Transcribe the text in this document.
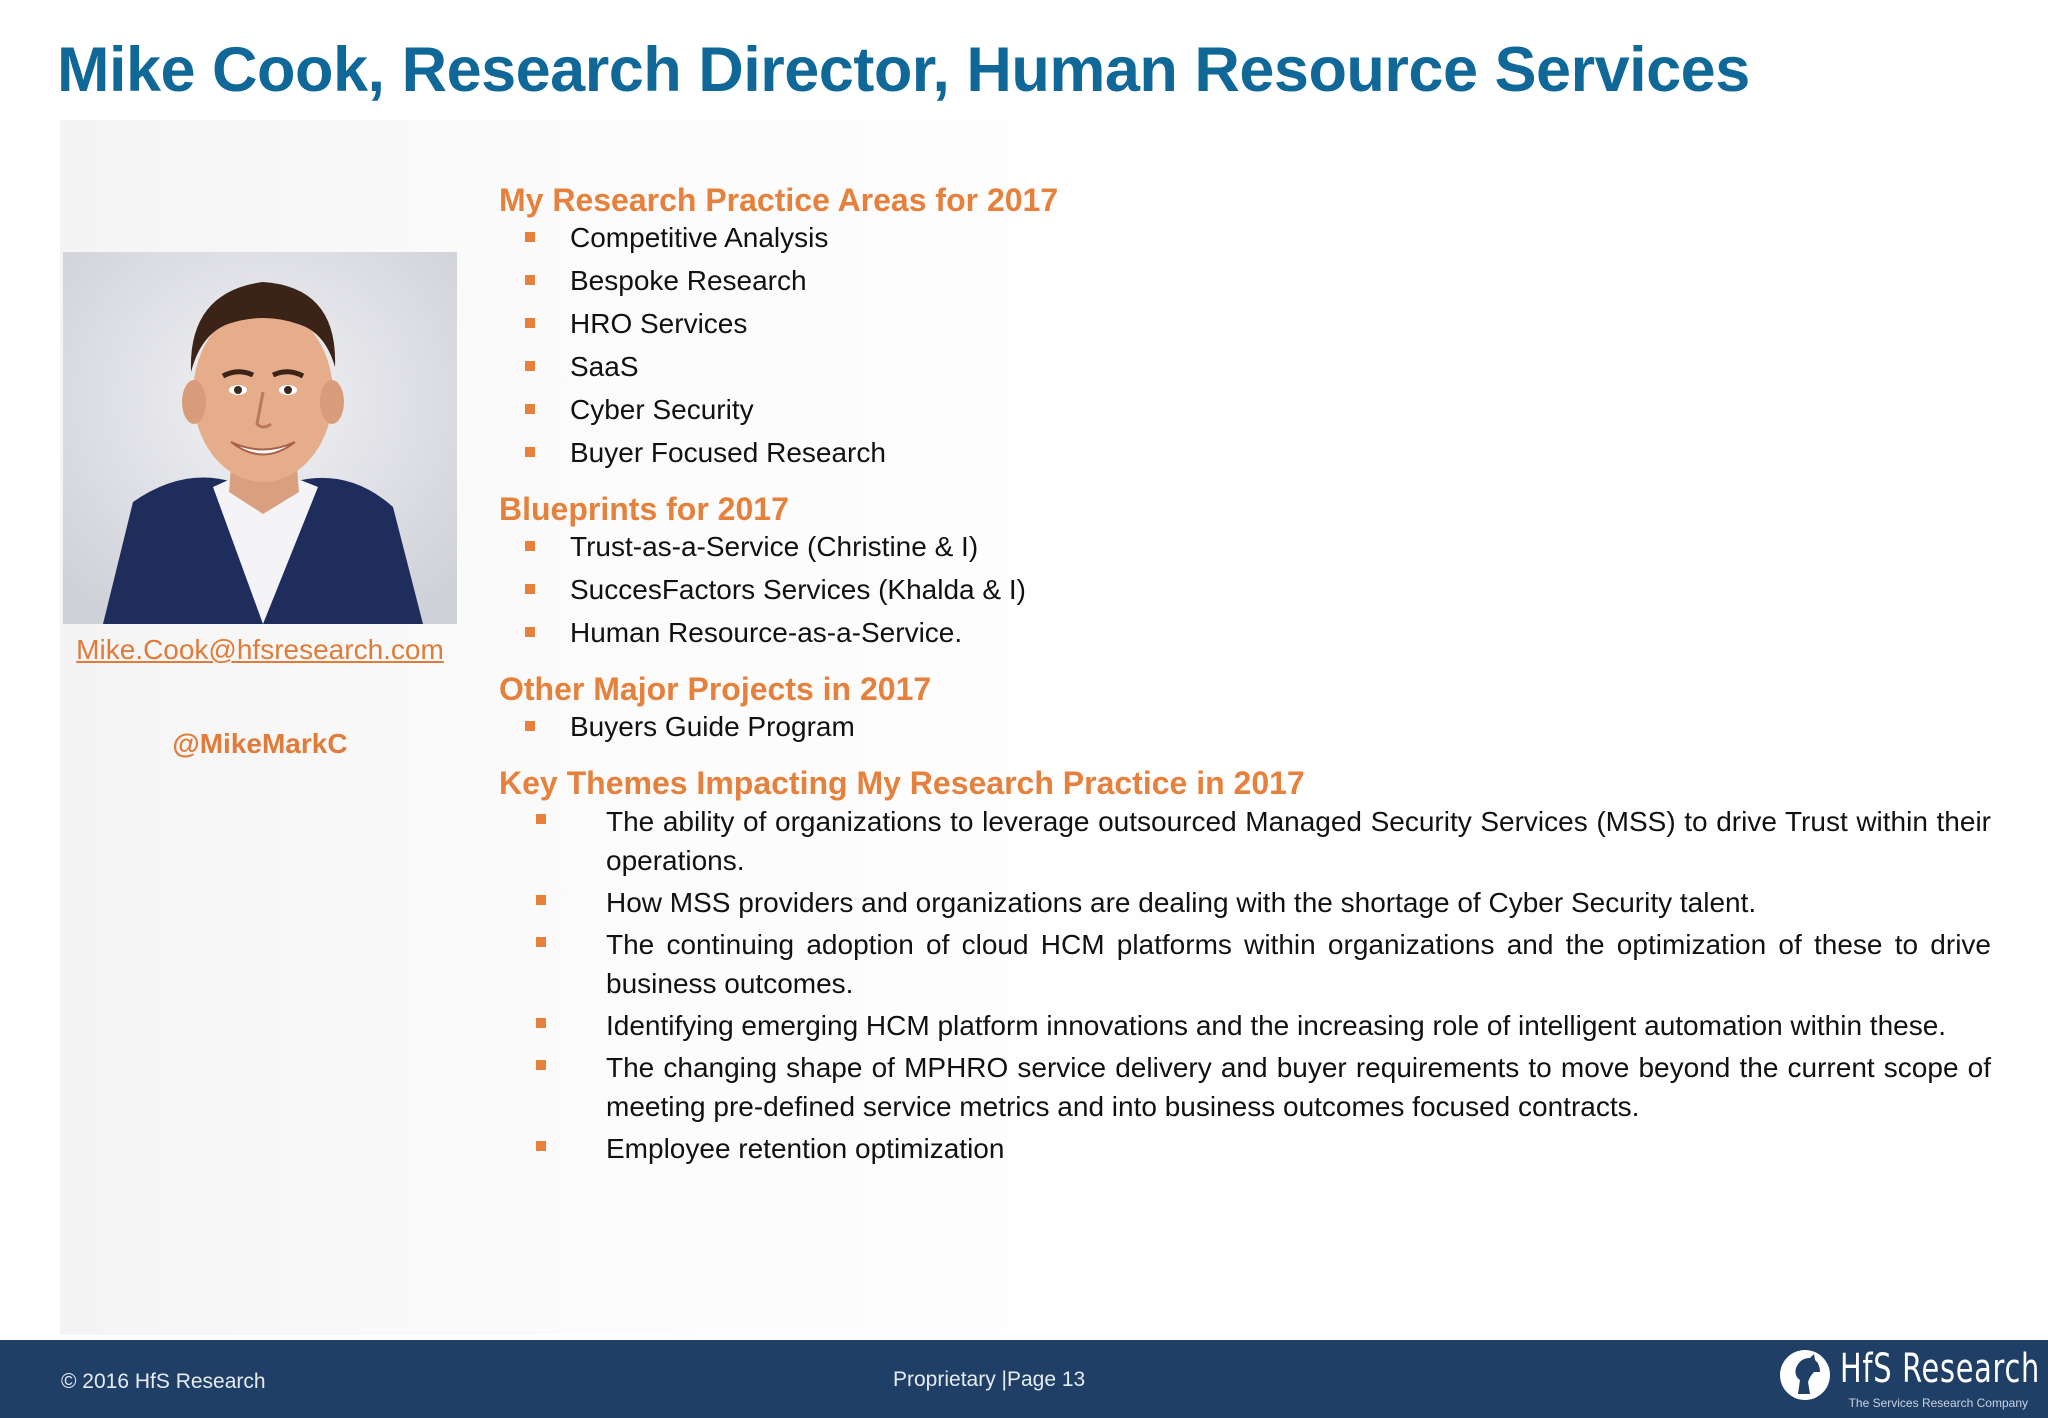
Mike Cook, Research Director, Human Resource Services
Mike.Cook@hfsresearch.com
@MikeMarkC
My Research Practice Areas for 2017
Competitive Analysis
Bespoke Research
HRO Services
SaaS
Cyber Security
Buyer Focused Research
Blueprints for 2017
Trust-as-a-Service (Christine & I)
SuccesFactors Services (Khalda & I)
Human Resource-as-a-Service.
Other Major Projects in 2017
Buyers Guide Program
Key Themes Impacting My Research Practice in 2017
The ability of organizations to leverage outsourced Managed Security Services (MSS) to drive Trust within their operations.
How MSS providers and organizations are dealing with the shortage of Cyber Security talent.
The continuing adoption of cloud HCM platforms within organizations and the optimization of these to drive business outcomes.
Identifying emerging HCM platform innovations and the increasing role of intelligent automation within these.
The changing shape of MPHRO service delivery and buyer requirements to move beyond the current scope of meeting pre-defined service metrics and into business outcomes focused contracts.
Employee retention optimization
© 2016 HfS Research	Proprietary |Page 13	HfS Research
The Services Research Company
